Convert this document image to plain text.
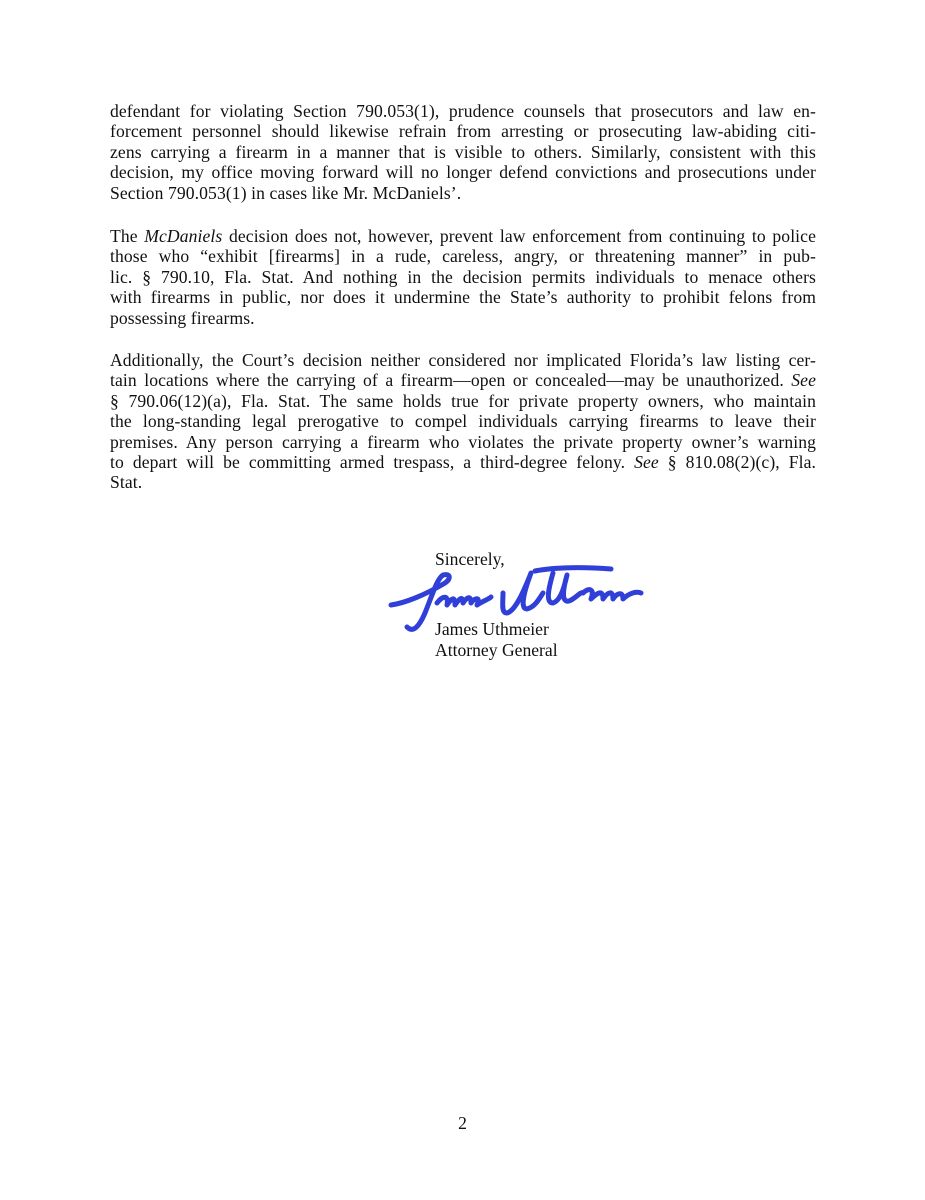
defendant for violating Section 790.053(1), prudence counsels that prosecutors and law en-
forcement personnel should likewise refrain from arresting or prosecuting law-abiding citi-
zens carrying a firearm in a manner that is visible to others. Similarly, consistent with this
decision, my office moving forward will no longer defend convictions and prosecutions under
Section 790.053(1) in cases like Mr. McDaniels’.
The McDaniels decision does not, however, prevent law enforcement from continuing to police
those who “exhibit [firearms] in a rude, careless, angry, or threatening manner” in pub-
lic. § 790.10, Fla. Stat. And nothing in the decision permits individuals to menace others
with firearms in public, nor does it undermine the State’s authority to prohibit felons from
possessing firearms.
Additionally, the Court’s decision neither considered nor implicated Florida’s law listing cer-
tain locations where the carrying of a firearm—open or concealed—may be unauthorized. See
§ 790.06(12)(a), Fla. Stat. The same holds true for private property owners, who maintain
the long-standing legal prerogative to compel individuals carrying firearms to leave their
premises. Any person carrying a firearm who violates the private property owner’s warning
to depart will be committing armed trespass, a third-degree felony. See § 810.08(2)(c), Fla.
Stat.
Sincerely,
James Uthmeier
Attorney General
2
